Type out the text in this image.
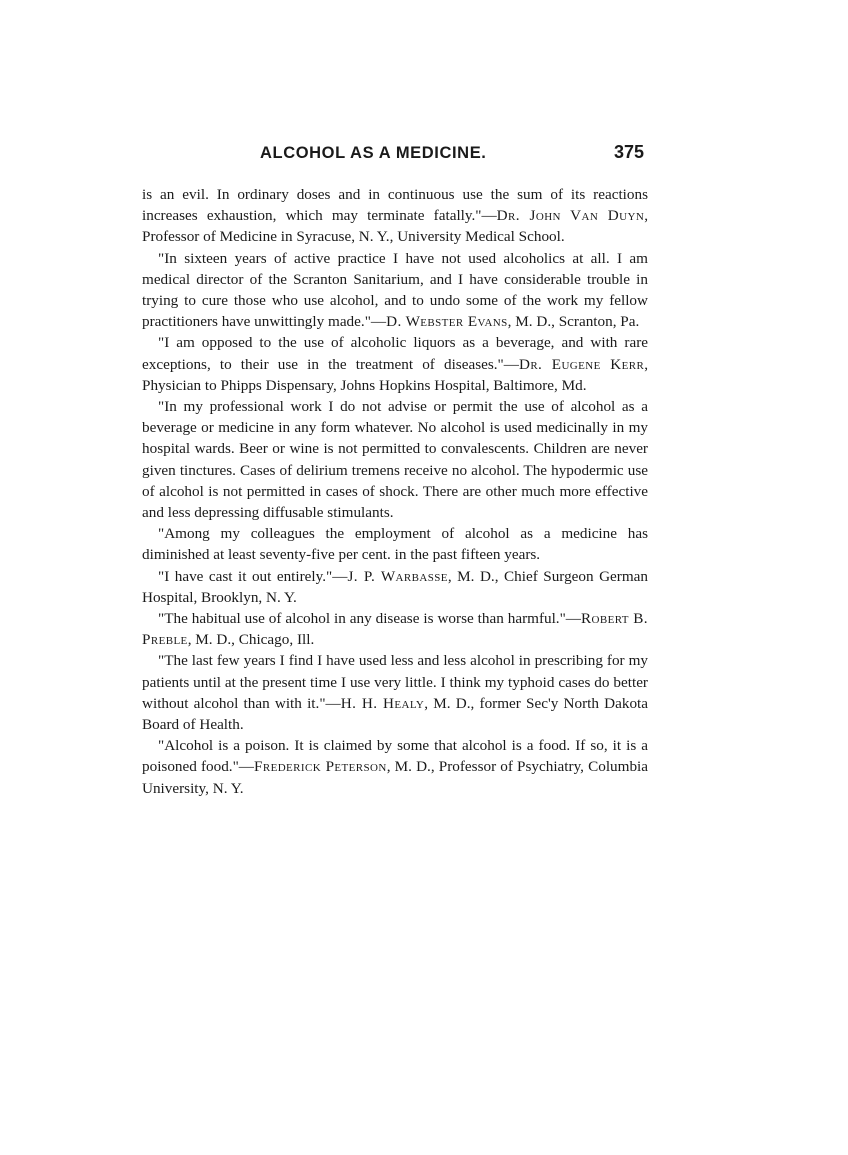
ALCOHOL AS A MEDICINE.	375

is an evil. In ordinary doses and in continuous use the sum of its reactions increases exhaustion, which may terminate fatally."—Dr. John Van Duyn, Professor of Medicine in Syracuse, N. Y., University Medical School.

"In sixteen years of active practice I have not used alcoholics at all. I am medical director of the Scranton Sanitarium, and I have considerable trouble in trying to cure those who use alcohol, and to undo some of the work my fellow practitioners have unwittingly made."—D. Webster Evans, M. D., Scranton, Pa.

"I am opposed to the use of alcoholic liquors as a beverage, and with rare exceptions, to their use in the treatment of diseases."—Dr. Eugene Kerr, Physician to Phipps Dispensary, Johns Hopkins Hospital, Baltimore, Md.

"In my professional work I do not advise or permit the use of alcohol as a beverage or medicine in any form whatever. No alcohol is used medicinally in my hospital wards. Beer or wine is not permitted to convalescents. Children are never given tinctures. Cases of delirium tremens receive no alcohol. The hypodermic use of alcohol is not permitted in cases of shock. There are other much more effective and less depressing diffusable stimulants.

"Among my colleagues the employment of alcohol as a medicine has diminished at least seventy-five per cent. in the past fifteen years.

"I have cast it out entirely."—J. P. Warbasse, M. D., Chief Surgeon German Hospital, Brooklyn, N. Y.

"The habitual use of alcohol in any disease is worse than harmful."—Robert B. Preble, M. D., Chicago, Ill.

"The last few years I find I have used less and less alcohol in prescribing for my patients until at the present time I use very little. I think my typhoid cases do better without alcohol than with it."—H. H. Healy, M. D., former Sec'y North Dakota Board of Health.

"Alcohol is a poison. It is claimed by some that alcohol is a food. If so, it is a poisoned food."—Frederick Peterson, M. D., Professor of Psychiatry, Columbia University, N. Y.
